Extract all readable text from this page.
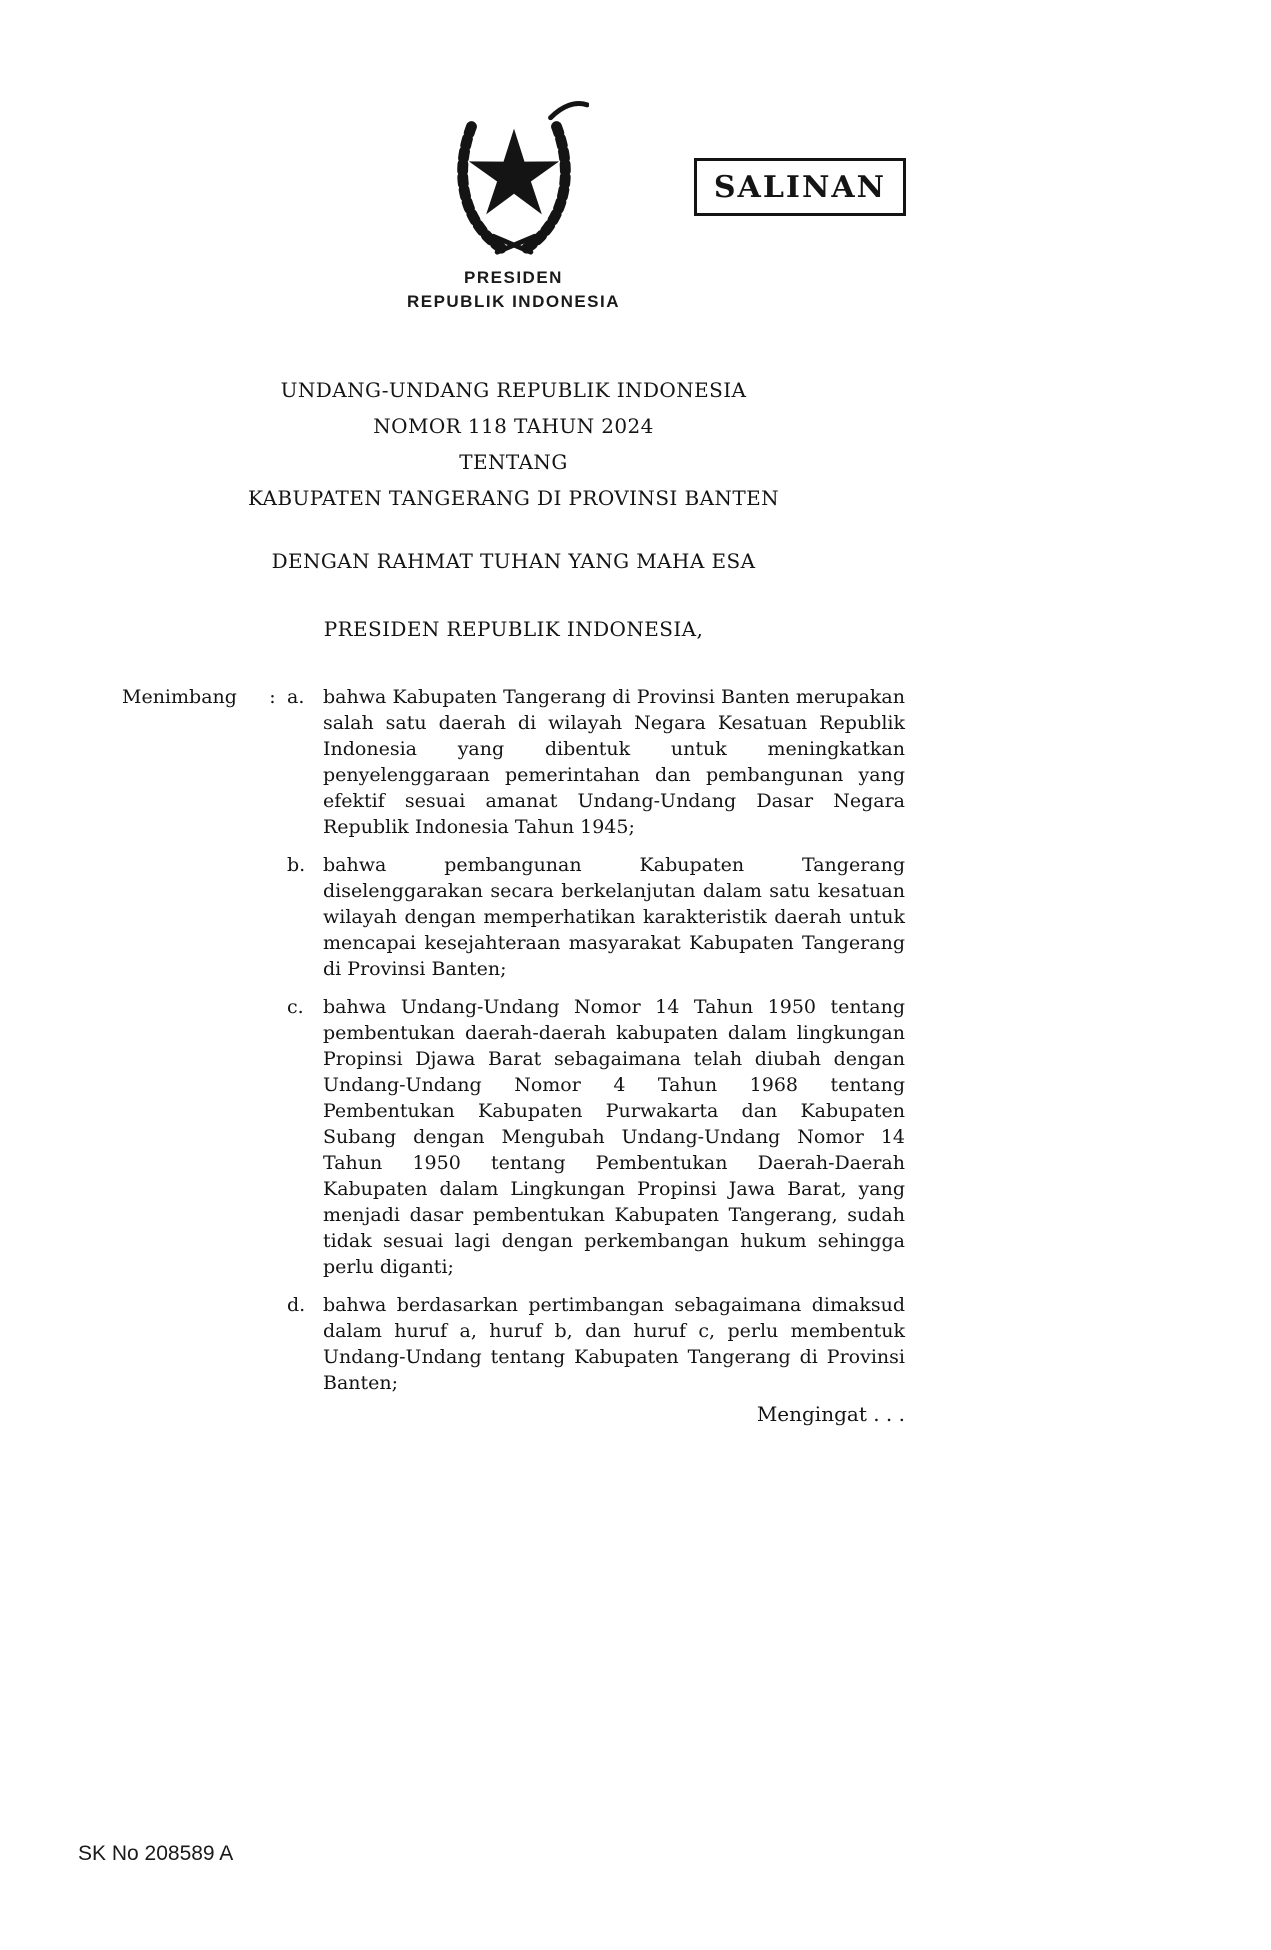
PRESIDEN
REPUBLIK INDONESIA
SALINAN
UNDANG-UNDANG REPUBLIK INDONESIA
NOMOR 118 TAHUN 2024
TENTANG
KABUPATEN TANGERANG DI PROVINSI BANTEN
DENGAN RAHMAT TUHAN YANG MAHA ESA
PRESIDEN REPUBLIK INDONESIA,
Menimbang	: a. bahwa Kabupaten Tangerang di Provinsi Banten merupakan salah satu daerah di wilayah Negara Kesatuan Republik Indonesia yang dibentuk untuk meningkatkan penyelenggaraan pemerintahan dan pembangunan yang efektif sesuai amanat Undang-Undang Dasar Negara Republik Indonesia Tahun 1945;
b. bahwa pembangunan Kabupaten Tangerang diselenggarakan secara berkelanjutan dalam satu kesatuan wilayah dengan memperhatikan karakteristik daerah untuk mencapai kesejahteraan masyarakat Kabupaten Tangerang di Provinsi Banten;
c.	bahwa Undang-Undang Nomor 14 Tahun 1950 tentang pembentukan daerah-daerah kabupaten dalam lingkungan Propinsi Djawa Barat sebagaimana telah diubah dengan Undang-Undang Nomor 4 Tahun 1968 tentang Pembentukan Kabupaten Purwakarta dan Kabupaten Subang dengan Mengubah Undang-Undang Nomor 14 Tahun 1950 tentang Pembentukan Daerah-Daerah Kabupaten dalam Lingkungan Propinsi Jawa Barat, yang menjadi dasar pembentukan Kabupaten Tangerang, sudah tidak sesuai lagi dengan perkembangan hukum sehingga perlu diganti;
d. bahwa berdasarkan pertimbangan sebagaimana dimaksud dalam huruf a, huruf b, dan huruf c, perlu membentuk Undang-Undang tentang Kabupaten Tangerang di Provinsi Banten;
Mengingat . . .
SK No 208589 A
